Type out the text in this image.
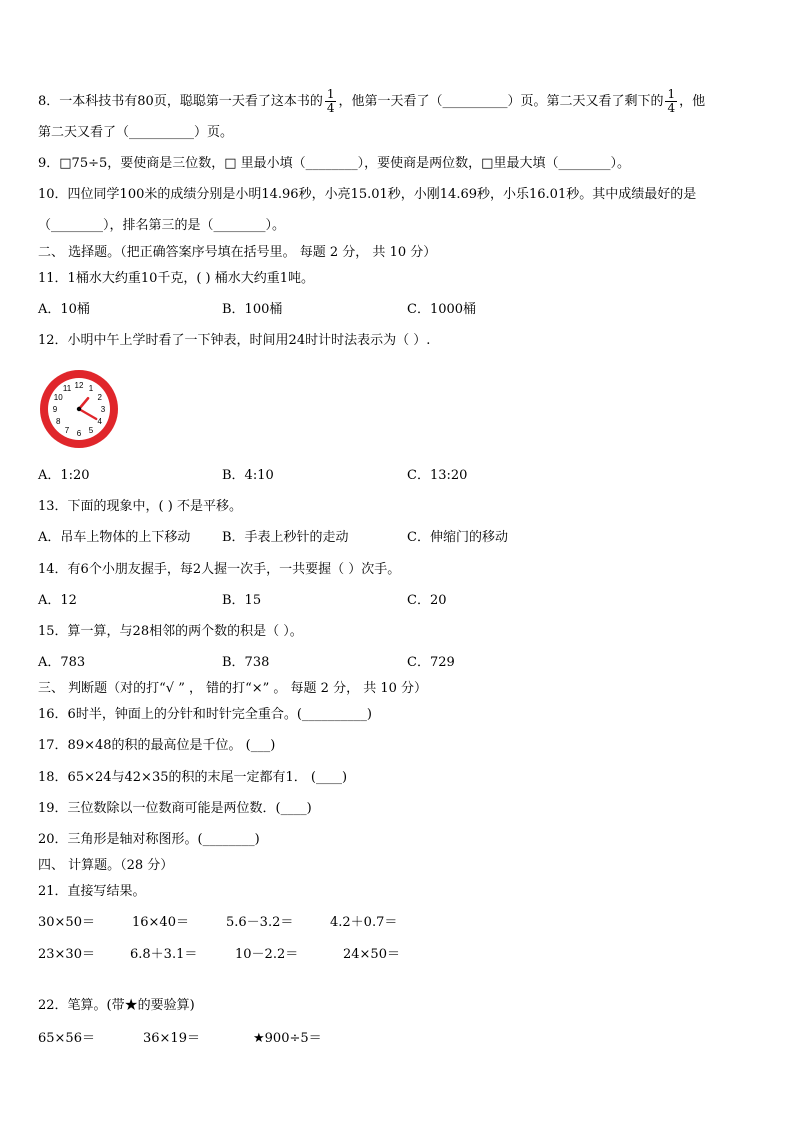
8．一本科技书有80页，聪聪第一天看了这本书的 $\frac{1}{4}$ ，他第一天看了（__________）页。第二天又看了剩下的 $\frac{1}{4}$ ，他
第二天又看了（__________）页。
9．□75÷5，要使商是三位数，□ 里最小填（________），要使商是两位数，□里最大填（________）。
10．四位同学100米的成绩分别是小明14.96秒，小亮15.01秒，小刚14.69秒，小乐16.01秒。其中成绩最好的是
（________），排名第三的是（________）。
二、 选择题。（把正确答案序号填在括号里。 每题 2 分， 共 10 分）
11．1桶水大约重10千克，( ) 桶水大约重1吨。
A．10桶	B．100桶	C．1000桶
12．小明中午上学时看了一下钟表，时间用24时计时法表示为（ ）.
12 1
2
3
4
5
6
7
8
9
10
11
A．1:20	B．4:10	C．13:20
13．下面的现象中，( ) 不是平移。
A．吊车上物体的上下移动 B．手表上秒针的走动	C．伸缩门的移动
14．有6个小朋友握手，每2人握一次手，一共要握（ ）次手。
A．12	B．15	C．20
15．算一算，与28相邻的两个数的积是（ ）。
A．783	B．738	C．729
三、 判断题（对的打“√ ” ， 错的打“×” 。 每题 2 分， 共 10 分）
16．6时半，钟面上的分针和时针完全重合。(__________)
17．89×48的积的最高位是千位。 (___)
18．65×24与42×35的积的末尾一定都有1． (____)
19．三位数除以一位数商可能是两位数．(____)
20．三角形是轴对称图形。(________)
四、 计算题。（28 分）
21．直接写结果。
30×50＝	16×40＝	5.6－3.2＝	4.2＋0.7＝
23×30＝	6.8＋3.1＝	10－2.2＝	24×50＝
22．笔算。(带★的要验算)
65×56＝	36×19＝	★900÷5＝
